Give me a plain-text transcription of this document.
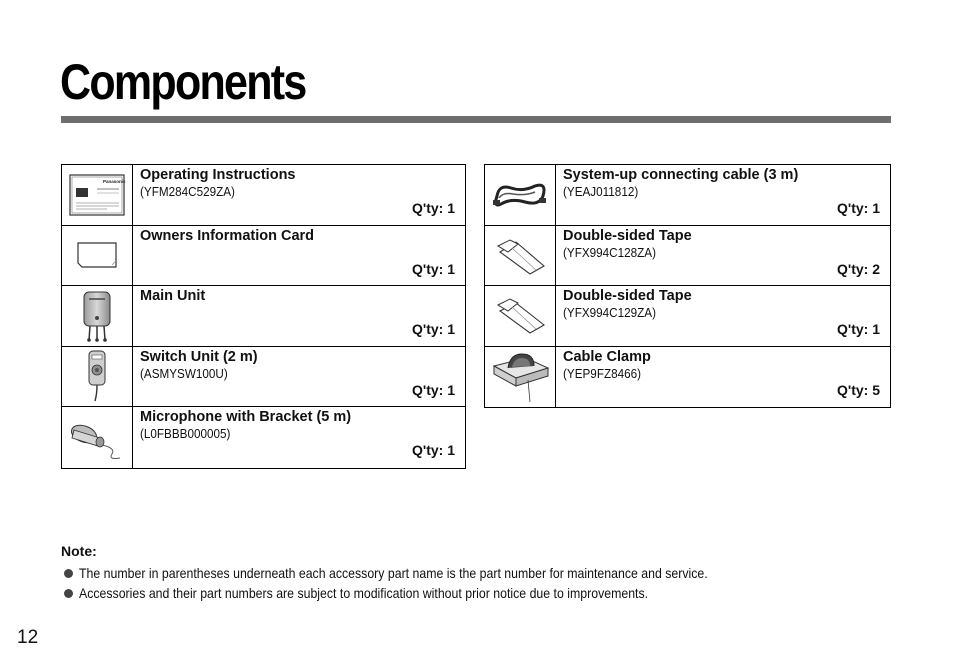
Components
Panasonic Operating Instructions
(YFM284C529ZA)
Q'ty: 1
Owners Information Card
Q'ty: 1
Main Unit
Q'ty: 1
Switch Unit (2 m)
(ASMYSW100U)
Q'ty: 1
Microphone with Bracket (5 m)
(L0FBBB000005)
Q'ty: 1
System-up connecting cable (3 m)
(YEAJ011812)
Q'ty: 1
Double-sided Tape
(YFX994C128ZA)
Q'ty: 2
Double-sided Tape
(YFX994C129ZA)
Q'ty: 1
Cable Clamp
(YEP9FZ8466)
Q'ty: 5
Note:
The number in parentheses underneath each accessory part name is the part number for maintenance and service.
Accessories and their part numbers are subject to modification without prior notice due to improvements.
12
